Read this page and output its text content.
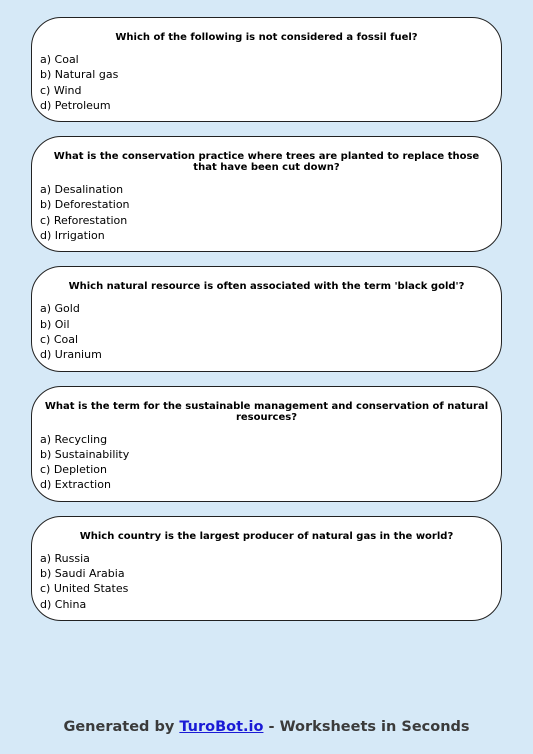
Which of the following is not considered a fossil fuel?

a) Coal
b) Natural gas
c) Wind
d) Petroleum

What is the conservation practice where trees are planted to replace those that have been cut down?

a) Desalination
b) Deforestation
c) Reforestation
d) Irrigation

Which natural resource is often associated with the term 'black gold'?

a) Gold
b) Oil
c) Coal
d) Uranium

What is the term for the sustainable management and conservation of natural resources?

a) Recycling
b) Sustainability
c) Depletion
d) Extraction

Which country is the largest producer of natural gas in the world?

a) Russia
b) Saudi Arabia
c) United States
d) China
Generated by TuroBot.io - Worksheets in Seconds
